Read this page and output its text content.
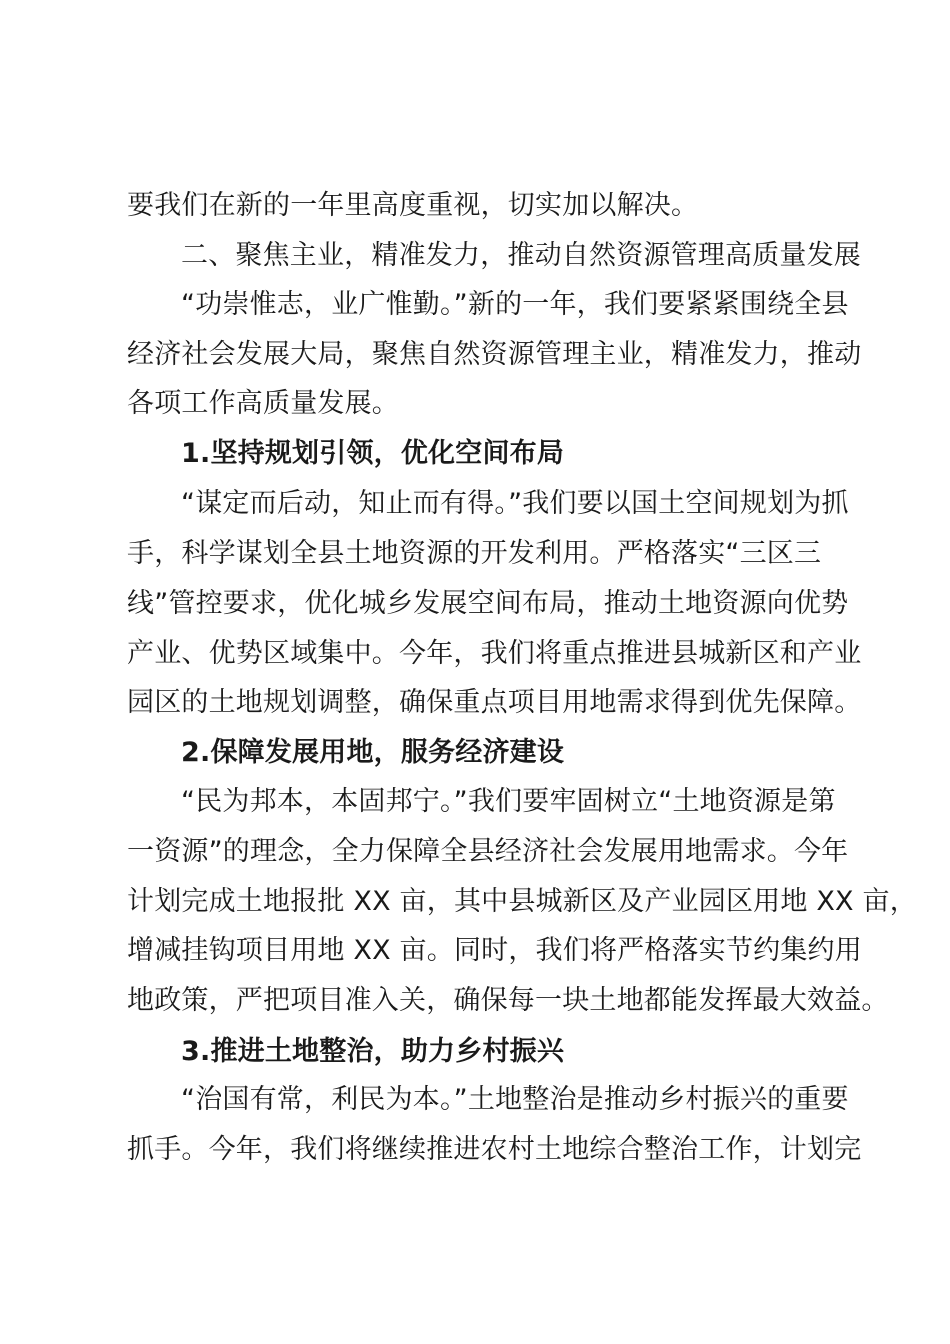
要我们在新的一年里高度重视，切实加以解决。
二、聚焦主业，精准发力，推动自然资源管理高质量发展
“功崇惟志，业广惟勤。”新的一年，我们要紧紧围绕全县
经济社会发展大局，聚焦自然资源管理主业，精准发力，推动
各项工作高质量发展。
1.坚持规划引领，优化空间布局
“谋定而后动，知止而有得。”我们要以国土空间规划为抓
手，科学谋划全县土地资源的开发利用。严格落实“三区三
线”管控要求，优化城乡发展空间布局，推动土地资源向优势
产业、优势区域集中。今年，我们将重点推进县城新区和产业
园区的土地规划调整，确保重点项目用地需求得到优先保障。
2.保障发展用地，服务经济建设
“民为邦本，本固邦宁。”我们要牢固树立“土地资源是第
一资源”的理念，全力保障全县经济社会发展用地需求。今年
计划完成土地报批 XX 亩，其中县城新区及产业园区用地 XX 亩，
增减挂钩项目用地 XX 亩。同时，我们将严格落实节约集约用
地政策，严把项目准入关，确保每一块土地都能发挥最大效益。
3.推进土地整治，助力乡村振兴
“治国有常，利民为本。”土地整治是推动乡村振兴的重要
抓手。今年，我们将继续推进农村土地综合整治工作，计划完
